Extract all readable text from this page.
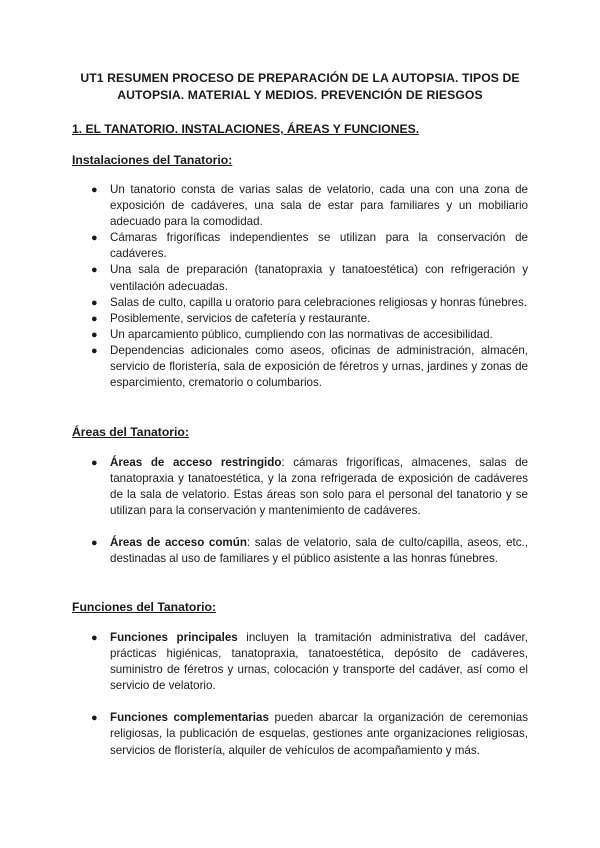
UT1 RESUMEN PROCESO DE PREPARACIÓN DE LA AUTOPSIA. TIPOS DE AUTOPSIA. MATERIAL Y MEDIOS. PREVENCIÓN DE RIESGOS
1. EL TANATORIO. INSTALACIONES, ÁREAS Y FUNCIONES.
Instalaciones del Tanatorio:
● Un tanatorio consta de varias salas de velatorio, cada una con una zona de exposición de cadáveres, una sala de estar para familiares y un mobiliario adecuado para la comodidad.
● Cámaras frigoríficas independientes se utilizan para la conservación de cadáveres.
● Una sala de preparación (tanatopraxia y tanatoestética) con refrigeración y ventilación adecuadas.
● Salas de culto, capilla u oratorio para celebraciones religiosas y honras fúnebres.
● Posiblemente, servicios de cafetería y restaurante.
● Un aparcamiento público, cumpliendo con las normativas de accesibilidad.
● Dependencias adicionales como aseos, oficinas de administración, almacén, servicio de floristería, sala de exposición de féretros y urnas, jardines y zonas de esparcimiento, crematorio o columbarios.
Áreas del Tanatorio:
● Áreas de acceso restringido: cámaras frigoríficas, almacenes, salas de tanatopraxia y tanatoestética, y la zona refrigerada de exposición de cadáveres de la sala de velatorio. Estas áreas son solo para el personal del tanatorio y se utilizan para la conservación y mantenimiento de cadáveres.
● Áreas de acceso común: salas de velatorio, sala de culto/capilla, aseos, etc., destinadas al uso de familiares y el público asistente a las honras fúnebres.
Funciones del Tanatorio:
● Funciones principales incluyen la tramitación administrativa del cadáver, prácticas higiénicas, tanatopraxia, tanatoestética, depósito de cadáveres, suministro de féretros y urnas, colocación y transporte del cadáver, así como el servicio de velatorio.
● Funciones complementarias pueden abarcar la organización de ceremonias religiosas, la publicación de esquelas, gestiones ante organizaciones religiosas, servicios de floristería, alquiler de vehículos de acompañamiento y más.
